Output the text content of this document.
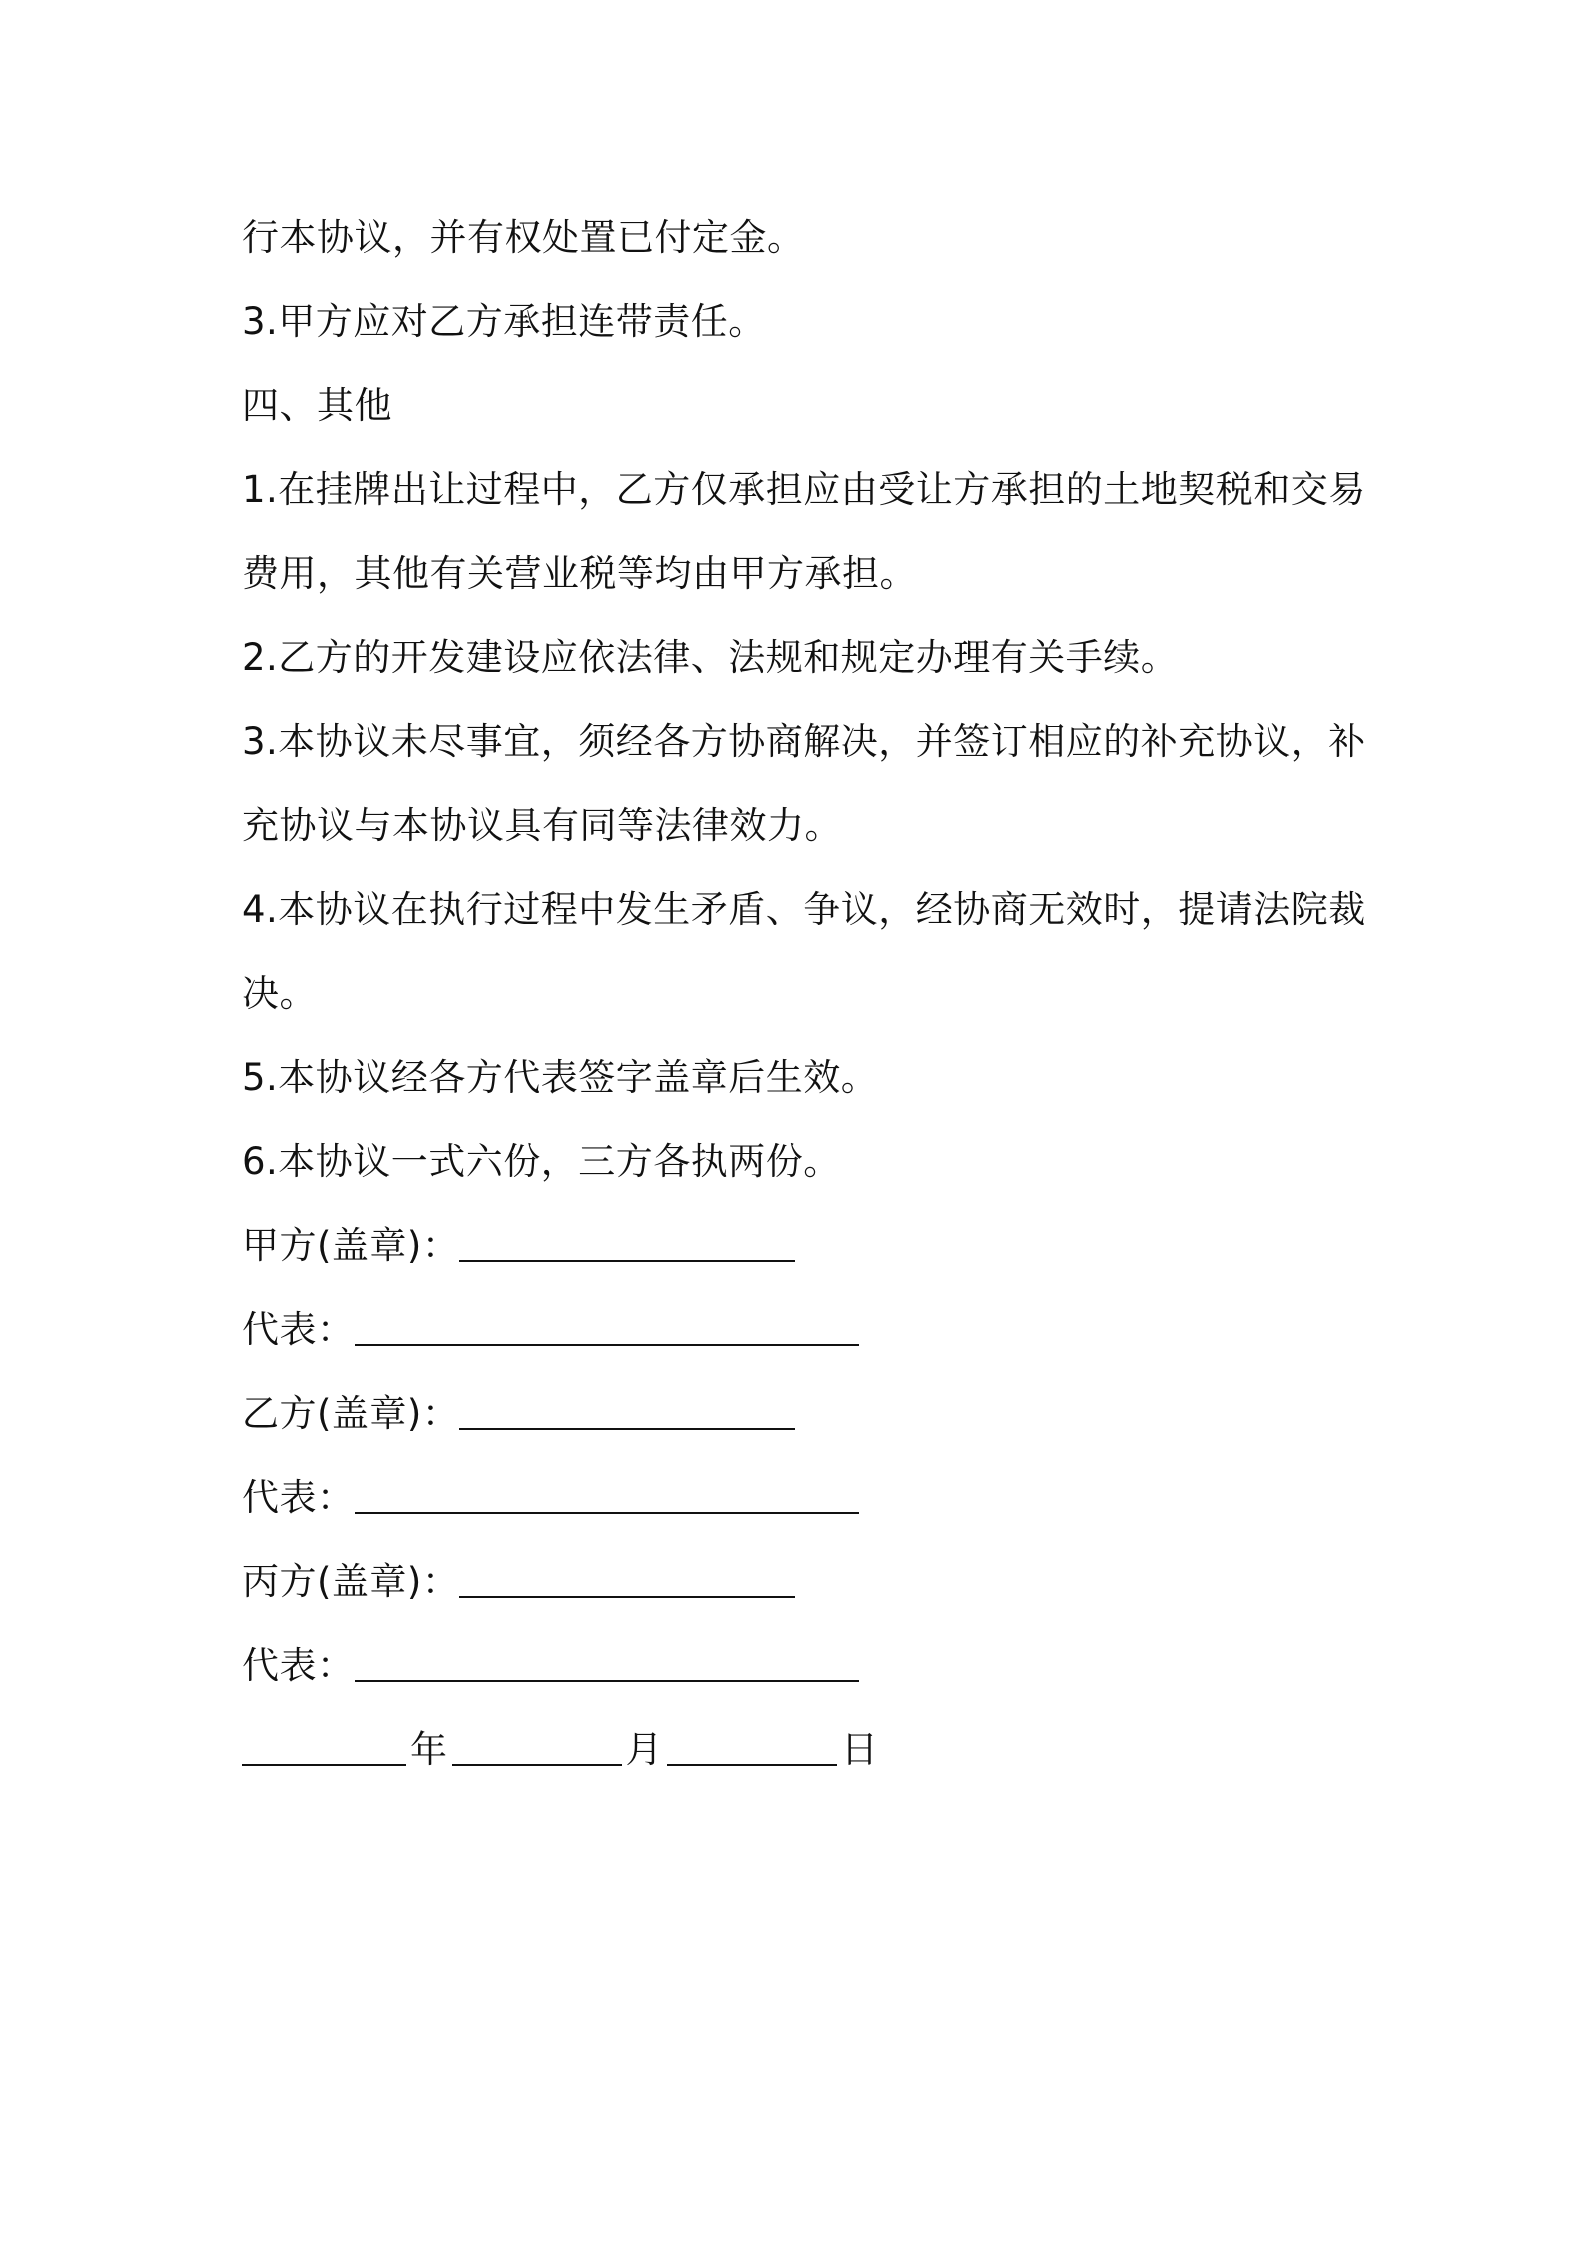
行本协议，并有权处置已付定金。
3.甲方应对乙方承担连带责任。
四、其他
1.在挂牌出让过程中，乙方仅承担应由受让方承担的土地契税和交易
费用，其他有关营业税等均由甲方承担。
2.乙方的开发建设应依法律、法规和规定办理有关手续。
3.本协议未尽事宜，须经各方协商解决，并签订相应的补充协议，补
充协议与本协议具有同等法律效力。
4.本协议在执行过程中发生矛盾、争议，经协商无效时，提请法院裁
决。
5.本协议经各方代表签字盖章后生效。
6.本协议一式六份，三方各执两份。
甲方(盖章)：
代表：
乙方(盖章)：
代表：
丙方(盖章)：
代表：
年	月	日
